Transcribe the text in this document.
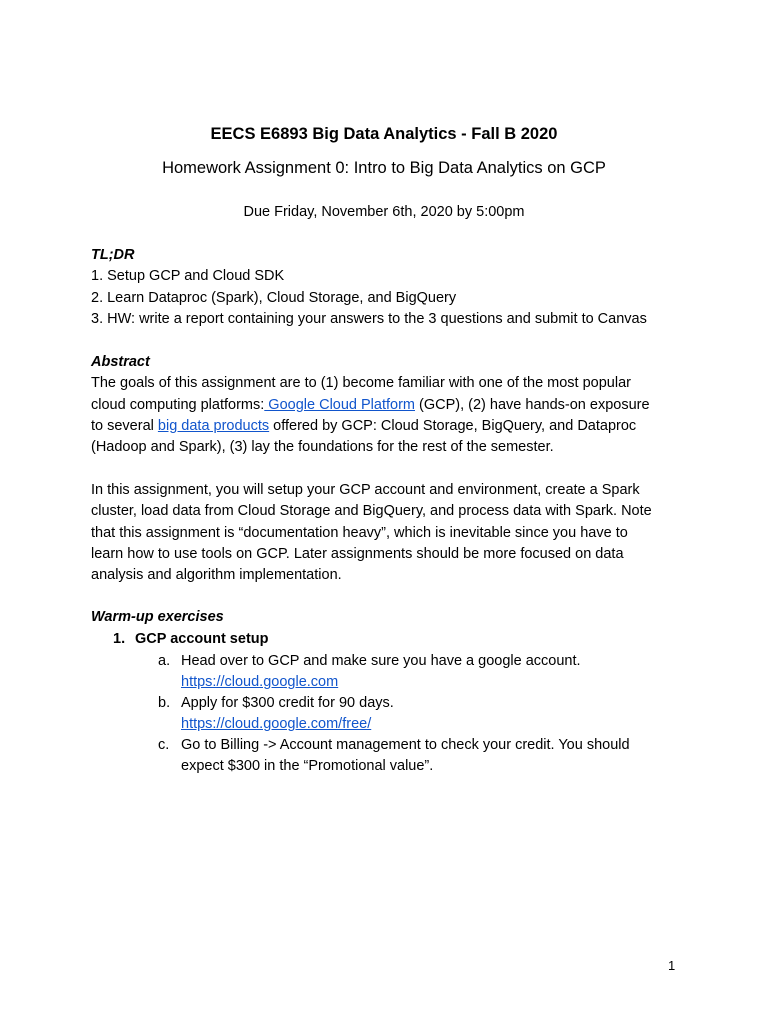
EECS E6893 Big Data Analytics - Fall B 2020
Homework Assignment 0: Intro to Big Data Analytics on GCP
Due Friday, November 6th, 2020 by 5:00pm
TL;DR
1. Setup GCP and Cloud SDK
2. Learn Dataproc (Spark), Cloud Storage, and BigQuery
3. HW: write a report containing your answers to the 3 questions and submit to Canvas
Abstract
The goals of this assignment are to (1) become familiar with one of the most popular
cloud computing platforms: Google Cloud Platform (GCP), (2) have hands-on exposure
to several big data products offered by GCP: Cloud Storage, BigQuery, and Dataproc
(Hadoop and Spark), (3) lay the foundations for the rest of the semester.
In this assignment, you will setup your GCP account and environment, create a Spark
cluster, load data from Cloud Storage and BigQuery, and process data with Spark. Note
that this assignment is “documentation heavy”, which is inevitable since you have to
learn how to use tools on GCP. Later assignments should be more focused on data
analysis and algorithm implementation.
Warm-up exercises
1. GCP account setup
a. Head over to GCP and make sure you have a google account.
https://cloud.google.com
b. Apply for $300 credit for 90 days.
https://cloud.google.com/free/
c. Go to Billing -> Account management to check your credit. You should
expect $300 in the “Promotional value”.
1
